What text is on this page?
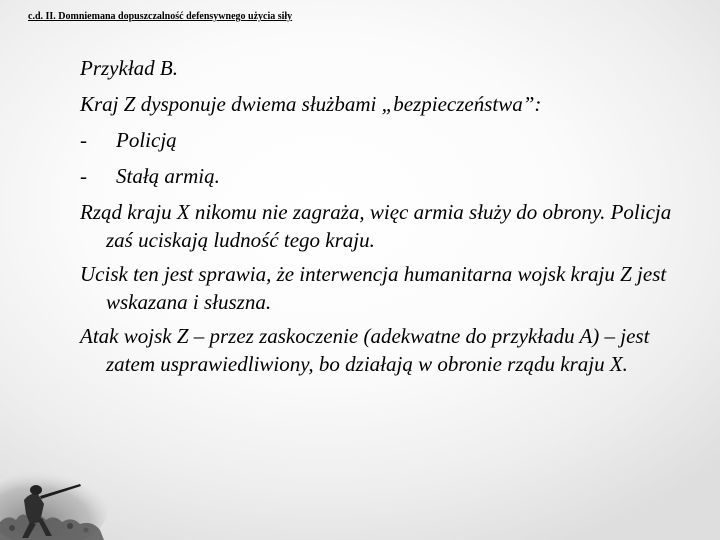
c.d. II. Domniemana dopuszczalność defensywnego użycia siły

Przykład B.

Kraj Z dysponuje dwiema służbami „bezpieczeństwa”:

-	Policją
-	Stałą armią.

Rząd kraju X nikomu nie zagraża, więc armia służy do obrony. Policja zaś uciskają ludność tego kraju.

Ucisk ten jest sprawia, że interwencja humanitarna wojsk kraju Z jest wskazana i słuszna.

Atak wojsk Z – przez zaskoczenie (adekwatne do przykładu A) – jest zatem usprawiedliwiony, bo działają w obronie rządu kraju X.
